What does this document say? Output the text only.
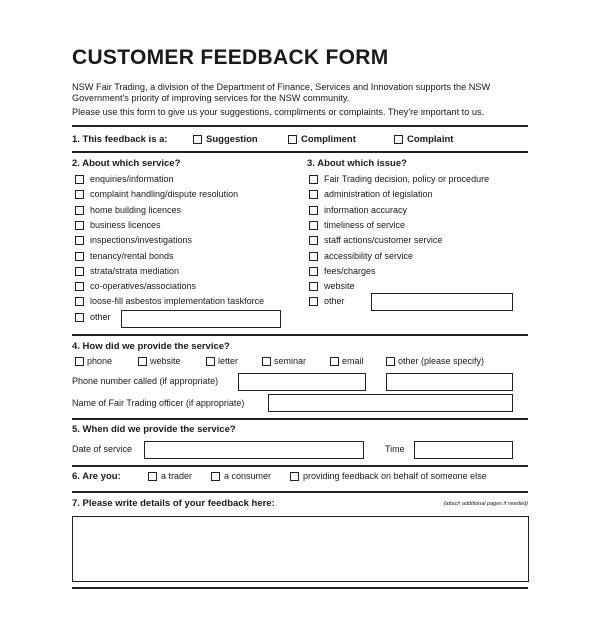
CUSTOMER FEEDBACK FORM
NSW Fair Trading, a division of the Department of Finance, Services and Innovation supports the NSW
Government's priority of improving services for the NSW community.
Please use this form to give us your suggestions, compliments or complaints. They're important to us.
1. This feedback is a:	Suggestion	Compliment	Complaint
2. About which service?	3. About which issue?
enquiries/information
complaint handling/dispute resolution
home building licences
business licences
inspections/investigations
tenancy/rental bonds
strata/strata mediation
co-operatives/associations
loose-fill asbestos implementation taskforce
other
Fair Trading decision, policy or procedure
administration of legislation
information accuracy
timeliness of service
staff actions/customer service
accessibility of service
fees/charges
website
other
4. How did we provide the service?
phone	website	letter	seminar	email	other (please specify)
Phone number called (if appropriate)
Name of Fair Trading officer (if appropriate)
5. When did we provide the service?
Date of service	Time
6. Are you:	a trader	a consumer	providing feedback on behalf of someone else
7. Please write details of your feedback here:	(attach additional pages if needed)
